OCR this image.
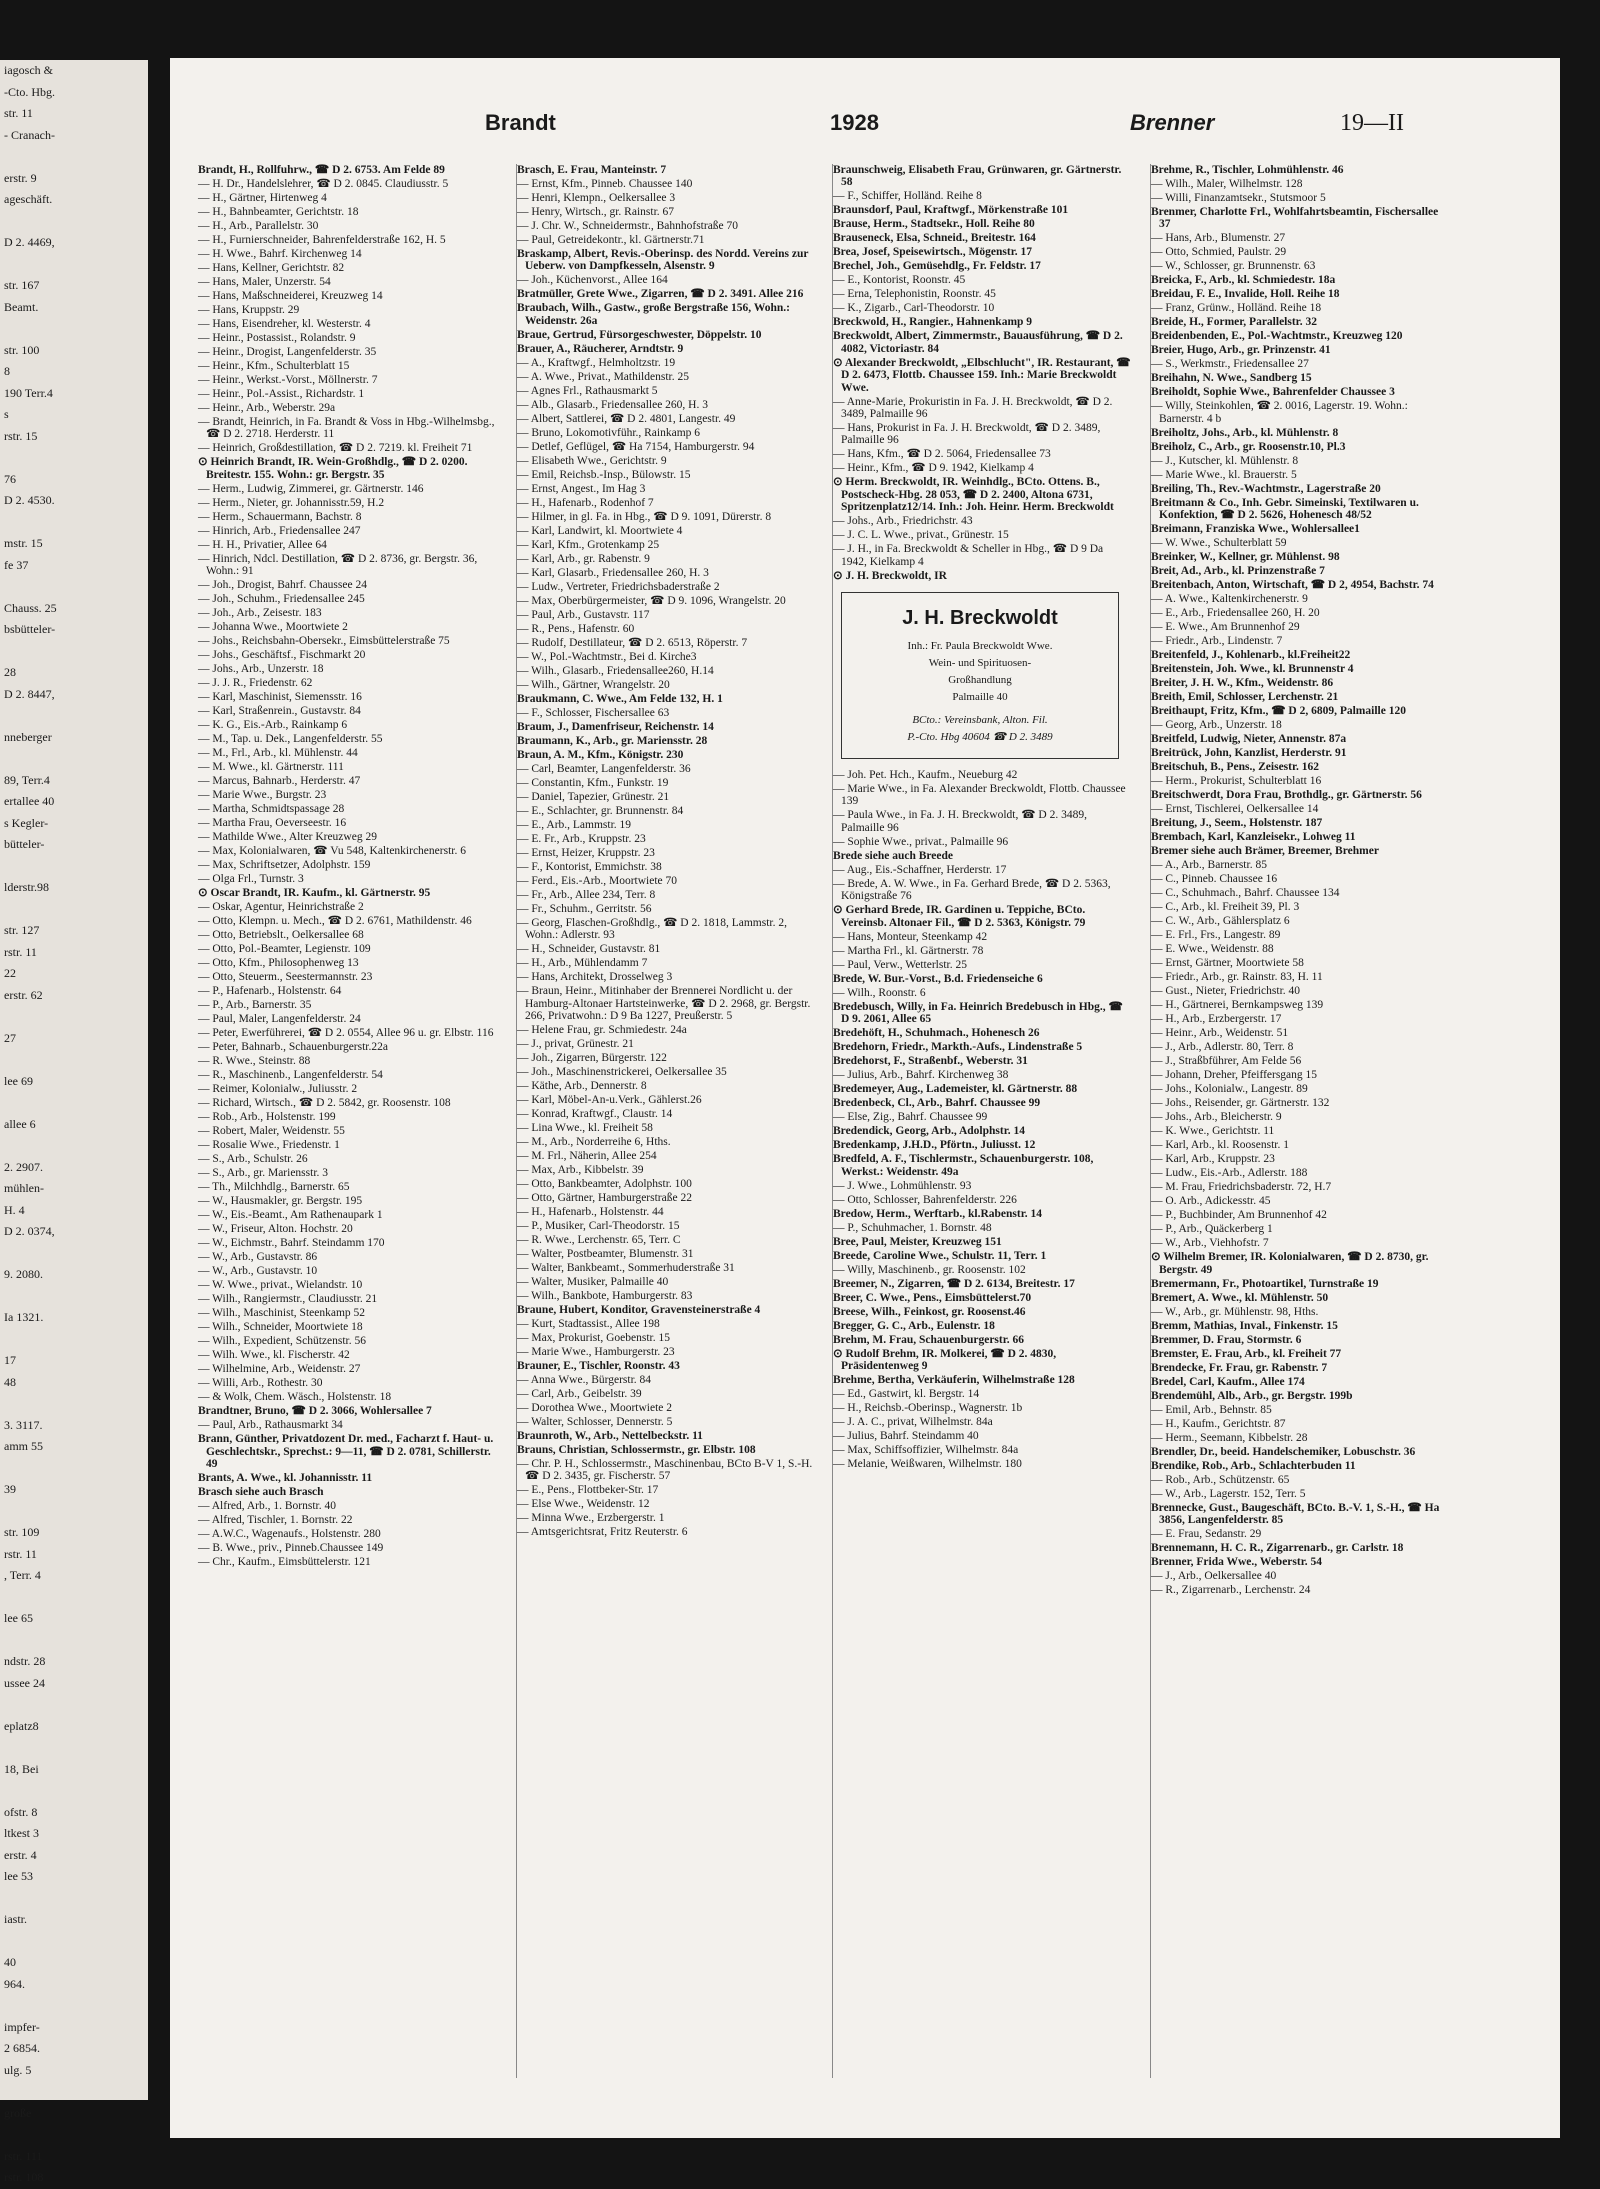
iagosch &
-Cto. Hbg.
str. 11
- Cranach-

erstr. 9
ageschäft.

D 2. 4469,

str. 167
Beamt.

str. 100
8
190 Terr.4
s
rstr. 15

76
D 2. 4530.

mstr. 15
fe 37

Chauss. 25
bsbütteler-

28
D 2. 8447,

nneberger

89, Terr.4
ertallee 40
s Kegler-
bütteler-

lderstr.98

str. 127
rstr. 11
22
erstr. 62

27

lee 69

allee 6

2. 2907.
mühlen-
H. 4
D 2. 0374,

9. 2080.

Ia 1321.

17
48

3. 3117.
amm 55

39

str. 109
rstr. 11
, Terr. 4

lee 65

ndstr. 28
ussee 24

eplatz8

18, Bei

ofstr. 8
ltkest 3
erstr. 4
lee 53

iastr.

40
964.

impfer-
2 6854.
ulg. 5

große

rstr. 111
rstr. 108
Brandt	1928	Brenner	19—II
Brandt, H., Rollfuhrw., ☎ D 2. 6753. Am Felde 89
— H. Dr., Handelslehrer, ☎ D 2. 0845. Claudiusstr. 5
— H., Gärtner, Hirtenweg 4
— H., Bahnbeamter, Gerichtstr. 18
— H., Arb., Parallelstr. 30
— H., Furnierschneider, Bahrenfelderstraße 162, H. 5
— H. Wwe., Bahrf. Kirchenweg 14
— Hans, Kellner, Gerichtstr. 82
— Hans, Maler, Unzerstr. 54
— Hans, Maßschneiderei, Kreuzweg 14
— Hans, Kruppstr. 29
— Hans, Eisendreher, kl. Westerstr. 4
— Heinr., Postassist., Rolandstr. 9
— Heinr., Drogist, Langenfelderstr. 35
— Heinr., Kfm., Schulterblatt 15
— Heinr., Werkst.-Vorst., Möllnerstr. 7
— Heinr., Pol.-Assist., Richardstr. 1
— Heinr., Arb., Weberstr. 29a
— Brandt, Heinrich, in Fa. Brandt & Voss in Hbg.-Wilhelmsbg., ☎ D 2. 2718. Herderstr. 11
— Heinrich, Großdestillation, ☎ D 2. 7219. kl. Freiheit 71
⊙ Heinrich Brandt, IR. Wein-Großhdlg., ☎ D 2. 0200. Breitestr. 155. Wohn.: gr. Bergstr. 35
— Herm., Ludwig, Zimmerei, gr. Gärtnerstr. 146
— Herm., Nieter, gr. Johannisstr.59, H.2
— Herm., Schauermann, Bachstr. 8
— Hinrich, Arb., Friedensallee 247
— H. H., Privatier, Allee 64
— Hinrich, Ndcl. Destillation, ☎ D 2. 8736, gr. Bergstr. 36, Wohn.: 91
— Joh., Drogist, Bahrf. Chaussee 24
— Joh., Schuhm., Friedensallee 245
— Joh., Arb., Zeisestr. 183
— Johanna Wwe., Moortwiete 2
— Johs., Reichsbahn-Obersekr., Eimsbüttelerstraße 75
— Johs., Geschäftsf., Fischmarkt 20
— Johs., Arb., Unzerstr. 18
— J. J. R., Friedenstr. 62
— Karl, Maschinist, Siemensstr. 16
— Karl, Straßenrein., Gustavstr. 84
— K. G., Eis.-Arb., Rainkamp 6
— M., Tap. u. Dek., Langenfelderstr. 55
— M., Frl., Arb., kl. Mühlenstr. 44
— M. Wwe., kl. Gärtnerstr. 111
— Marcus, Bahnarb., Herderstr. 47
— Marie Wwe., Burgstr. 23
— Martha, Schmidtspassage 28
— Martha Frau, Oeverseestr. 16
— Mathilde Wwe., Alter Kreuzweg 29
— Max, Kolonialwaren, ☎ Vu 548, Kaltenkirchenerstr. 6
— Max, Schriftsetzer, Adolphstr. 159
— Olga Frl., Turnstr. 3
⊙ Oscar Brandt, IR. Kaufm., kl. Gärtnerstr. 95
— Oskar, Agentur, Heinrichstraße 2
— Otto, Klempn. u. Mech., ☎ D 2. 6761, Mathildenstr. 46
— Otto, Betriebslt., Oelkersallee 68
— Otto, Pol.-Beamter, Legienstr. 109
— Otto, Kfm., Philosophenweg 13
— Otto, Steuerm., Seestermannstr. 23
— P., Hafenarb., Holstenstr. 64
— P., Arb., Barnerstr. 35
— Paul, Maler, Langenfelderstr. 24
— Peter, Ewerführerei, ☎ D 2. 0554, Allee 96 u. gr. Elbstr. 116
— Peter, Bahnarb., Schauenburgerstr.22a
— R. Wwe., Steinstr. 88
— R., Maschinenb., Langenfelderstr. 54
— Reimer, Kolonialw., Juliusstr. 2
— Richard, Wirtsch., ☎ D 2. 5842, gr. Roosenstr. 108
— Rob., Arb., Holstenstr. 199
— Robert, Maler, Weidenstr. 55
— Rosalie Wwe., Friedenstr. 1
— S., Arb., Schulstr. 26
— S., Arb., gr. Mariensstr. 3
— Th., Milchhdlg., Barnerstr. 65
— W., Hausmakler, gr. Bergstr. 195
— W., Eis.-Beamt., Am Rathenaupark 1
— W., Friseur, Alton. Hochstr. 20
— W., Eichmstr., Bahrf. Steindamm 170
— W., Arb., Gustavstr. 86
— W., Arb., Gustavstr. 10
— W. Wwe., privat., Wielandstr. 10
— Wilh., Rangiermstr., Claudiusstr. 21
— Wilh., Maschinist, Steenkamp 52
— Wilh., Schneider, Moortwiete 18
— Wilh., Expedient, Schützenstr. 56
— Wilh. Wwe., kl. Fischerstr. 42
— Wilhelmine, Arb., Weidenstr. 27
— Willi, Arb., Rothestr. 30
— & Wolk, Chem. Wäsch., Holstenstr. 18
Brandtner, Bruno, ☎ D 2. 3066, Wohlersallee 7
— Paul, Arb., Rathausmarkt 34
Brann, Günther, Privatdozent Dr. med., Facharzt f. Haut- u. Geschlechtskr., Sprechst.: 9—11, ☎ D 2. 0781, Schillerstr. 49
Brants, A. Wwe., kl. Johannisstr. 11
Brasch siehe auch Brasch
— Alfred, Arb., 1. Bornstr. 40
— Alfred, Tischler, 1. Bornstr. 22
— A.W.C., Wagenaufs., Holstenstr. 280
— B. Wwe., priv., Pinneb.Chaussee 149
— Chr., Kaufm., Eimsbüttelerstr. 121
Brasch, E. Frau, Manteinstr. 7
— Ernst, Kfm., Pinneb. Chaussee 140
— Henri, Klempn., Oelkersallee 3
— Henry, Wirtsch., gr. Rainstr. 67
— J. Chr. W., Schneidermstr., Bahnhofstraße 70
— Paul, Getreidekontr., kl. Gärtnerstr.71
Braskamp, Albert, Revis.-Oberinsp. des Nordd. Vereins zur Ueberw. von Dampfkesseln, Alsenstr. 9
— Joh., Küchenvorst., Allee 164
Bratmüller, Grete Wwe., Zigarren, ☎ D 2. 3491. Allee 216
Braubach, Wilh., Gastw., große Bergstraße 156, Wohn.: Weidenstr. 26a
Braue, Gertrud, Fürsorgeschwester, Döppelstr. 10
Brauer, A., Räucherer, Arndtstr. 9
— A., Kraftwgf., Helmholtzstr. 19
— A. Wwe., Privat., Mathildenstr. 25
— Agnes Frl., Rathausmarkt 5
— Alb., Glasarb., Friedensallee 260, H. 3
— Albert, Sattlerei, ☎ D 2. 4801, Langestr. 49
— Bruno, Lokomotivführ., Rainkamp 6
— Detlef, Geflügel, ☎ Ha 7154, Hamburgerstr. 94
— Elisabeth Wwe., Gerichtstr. 9
— Emil, Reichsb.-Insp., Bülowstr. 15
— Ernst, Angest., Im Hag 3
— H., Hafenarb., Rodenhof 7
— Hilmer, in gl. Fa. in Hbg., ☎ D 9. 1091, Dürerstr. 8
— Karl, Landwirt, kl. Moortwiete 4
— Karl, Kfm., Grotenkamp 25
— Karl, Arb., gr. Rabenstr. 9
— Karl, Glasarb., Friedensallee 260, H. 3
— Ludw., Vertreter, Friedrichsbaderstraße 2
— Max, Oberbürgermeister, ☎ D 9. 1096, Wrangelstr. 20
— Paul, Arb., Gustavstr. 117
— R., Pens., Hafenstr. 60
— Rudolf, Destillateur, ☎ D 2. 6513, Röperstr. 7
— W., Pol.-Wachtmstr., Bei d. Kirche3
— Wilh., Glasarb., Friedensallee260, H.14
— Wilh., Gärtner, Wrangelstr. 20
Braukmann, C. Wwe., Am Felde 132, H. 1
— F., Schlosser, Fischersallee 63
Braum, J., Damenfriseur, Reichenstr. 14
Braumann, K., Arb., gr. Mariensstr. 28
Braun, A. M., Kfm., Königstr. 230
— Carl, Beamter, Langenfelderstr. 36
— Constantin, Kfm., Funkstr. 19
— Daniel, Tapezier, Grünestr. 21
— E., Schlachter, gr. Brunnenstr. 84
— E., Arb., Lammstr. 19
— E. Fr., Arb., Kruppstr. 23
— Ernst, Heizer, Kruppstr. 23
— F., Kontorist, Emmichstr. 38
— Ferd., Eis.-Arb., Moortwiete 70
— Fr., Arb., Allee 234, Terr. 8
— Fr., Schuhm., Gerritstr. 56
— Georg, Flaschen-Großhdlg., ☎ D 2. 1818, Lammstr. 2, Wohn.: Adlerstr. 93
— H., Schneider, Gustavstr. 81
— H., Arb., Mühlendamm 7
— Hans, Architekt, Drosselweg 3
— Braun, Heinr., Mitinhaber der Brennerei Nordlicht u. der Hamburg-Altonaer Hartsteinwerke, ☎ D 2. 2968, gr. Bergstr. 266, Privatwohn.: D 9 Ba 1227, Preußerstr. 5
— Helene Frau, gr. Schmiedestr. 24a
— J., privat, Grünestr. 21
— Joh., Zigarren, Bürgerstr. 122
— Joh., Maschinenstrickerei, Oelkersallee 35
— Käthe, Arb., Dennerstr. 8
— Karl, Möbel-An-u.Verk., Gählerst.26
— Konrad, Kraftwgf., Claustr. 14
— Lina Wwe., kl. Freiheit 58
— M., Arb., Norderreihe 6, Hths.
— M. Frl., Näherin, Allee 254
— Max, Arb., Kibbelstr. 39
— Otto, Bankbeamter, Adolphstr. 100
— Otto, Gärtner, Hamburgerstraße 22
— H., Hafenarb., Holstenstr. 44
— P., Musiker, Carl-Theodorstr. 15
— R. Wwe., Lerchenstr. 65, Terr. C
— Walter, Postbeamter, Blumenstr. 31
— Walter, Bankbeamt., Sommerhuderstraße 31
— Walter, Musiker, Palmaille 40
— Wilh., Bankbote, Hamburgerstr. 83
Braune, Hubert, Konditor, Gravensteinerstraße 4
— Kurt, Stadtassist., Allee 198
— Max, Prokurist, Goebenstr. 15
— Marie Wwe., Hamburgerstr. 23
Brauner, E., Tischler, Roonstr. 43
— Anna Wwe., Bürgerstr. 84
— Carl, Arb., Geibelstr. 39
— Dorothea Wwe., Moortwiete 2
— Walter, Schlosser, Dennerstr. 5
Braunroth, W., Arb., Nettelbeckstr. 11
Brauns, Christian, Schlossermstr., gr. Elbstr. 108
— Chr. P. H., Schlossermstr., Maschinenbau, BCto B-V 1, S.-H. ☎ D 2. 3435, gr. Fischerstr. 57
— E., Pens., Flottbeker-Str. 17
— Else Wwe., Weidenstr. 12
— Minna Wwe., Erzbergerstr. 1
— Amtsgerichtsrat, Fritz Reuterstr. 6
Braunschweig, Elisabeth Frau, Grünwaren, gr. Gärtnerstr. 58
— F., Schiffer, Holländ. Reihe 8
Braunsdorf, Paul, Kraftwgf., Mörkenstraße 101
Brause, Herm., Stadtsekr., Holl. Reihe 80
Brauseneck, Elsa, Schneid., Breitestr. 164
Brea, Josef, Speisewirtsch., Mögenstr. 17
Brechel, Joh., Gemüsehdlg., Fr. Feldstr. 17
— E., Kontorist, Roonstr. 45
— Erna, Telephonistin, Roonstr. 45
— K., Zigarb., Carl-Theodorstr. 10
Breckwold, H., Rangier., Hahnenkamp 9
Breckwoldt, Albert, Zimmermstr., Bauausführung, ☎ D 2. 4082, Victoriastr. 84
⊙ Alexander Breckwoldt, „Elbschlucht", IR. Restaurant, ☎ D 2. 6473, Flottb. Chaussee 159. Inh.: Marie Breckwoldt Wwe.
— Anne-Marie, Prokuristin in Fa. J. H. Breckwoldt, ☎ D 2. 3489, Palmaille 96
— Hans, Prokurist in Fa. J. H. Breckwoldt, ☎ D 2. 3489, Palmaille 96
— Hans, Kfm., ☎ D 2. 5064, Friedensallee 73
— Heinr., Kfm., ☎ D 9. 1942, Kielkamp 4
⊙ Herm. Breckwoldt, IR. Weinhdlg., BCto. Ottens. B., Postscheck-Hbg. 28 053, ☎ D 2. 2400, Altona 6731, Spritzenplatz12/14. Inh.: Joh. Heinr. Herm. Breckwoldt
— Johs., Arb., Friedrichstr. 43
— J. C. L. Wwe., privat., Grünestr. 15
— J. H., in Fa. Breckwoldt & Scheller in Hbg., ☎ D 9 Da 1942, Kielkamp 4
⊙ J. H. Breckwoldt, IR
J. H. Breckwoldt
Inh.: Fr. Paula Breckwoldt Wwe.
Wein- und Spirituosen-
Großhandlung
Palmaille 40
BCto.: Vereinsbank, Alton. Fil.
P.-Cto. Hbg 40604 ☎ D 2. 3489
— Joh. Pet. Hch., Kaufm., Neueburg 42
— Marie Wwe., in Fa. Alexander Breckwoldt, Flottb. Chaussee 139
— Paula Wwe., in Fa. J. H. Breckwoldt, ☎ D 2. 3489, Palmaille 96
— Sophie Wwe., privat., Palmaille 96
Brede siehe auch Breede
— Aug., Eis.-Schaffner, Herderstr. 17
— Brede, A. W. Wwe., in Fa. Gerhard Brede, ☎ D 2. 5363, Königstraße 76
⊙ Gerhard Brede, IR. Gardinen u. Teppiche, BCto. Vereinsb. Altonaer Fil., ☎ D 2. 5363, Königstr. 79
— Hans, Monteur, Steenkamp 42
— Martha Frl., kl. Gärtnerstr. 78
— Paul, Verw., Wetterlstr. 25
Brede, W. Bur.-Vorst., B.d. Friedenseiche 6
— Wilh., Roonstr. 6
Bredebusch, Willy, in Fa. Heinrich Bredebusch in Hbg., ☎ D 9. 2061, Allee 65
Bredehöft, H., Schuhmach., Hohenesch 26
Bredehorn, Friedr., Markth.-Aufs., Lindenstraße 5
Bredehorst, F., Straßenbf., Weberstr. 31
— Julius, Arb., Bahrf. Kirchenweg 38
Bredemeyer, Aug., Lademeister, kl. Gärtnerstr. 88
Bredenbeck, Cl., Arb., Bahrf. Chaussee 99
— Else, Zig., Bahrf. Chaussee 99
Bredendick, Georg, Arb., Adolphstr. 14
Bredenkamp, J.H.D., Pförtn., Juliusst. 12
Bredfeld, A. F., Tischlermstr., Schauenburgerstr. 108, Werkst.: Weidenstr. 49a
— J. Wwe., Lohmühlenstr. 93
— Otto, Schlosser, Bahrenfelderstr. 226
Bredow, Herm., Werftarb., kl.Rabenstr. 14
— P., Schuhmacher, 1. Bornstr. 48
Bree, Paul, Meister, Kreuzweg 151
Breede, Caroline Wwe., Schulstr. 11, Terr. 1
— Willy, Maschinenb., gr. Roosenstr. 102
Breemer, N., Zigarren, ☎ D 2. 6134, Breitestr. 17
Breer, C. Wwe., Pens., Eimsbüttelerst.70
Breese, Wilh., Feinkost, gr. Roosenst.46
Bregger, G. C., Arb., Eulenstr. 18
Brehm, M. Frau, Schauenburgerstr. 66
⊙ Rudolf Brehm, IR. Molkerei, ☎ D 2. 4830, Präsidentenweg 9
Brehme, Bertha, Verkäuferin, Wilhelmstraße 128
— Ed., Gastwirt, kl. Bergstr. 14
— H., Reichsb.-Oberinsp., Wagnerstr. 1b
— J. A. C., privat, Wilhelmstr. 84a
— Julius, Bahrf. Steindamm 40
— Max, Schiffsoffizier, Wilhelmstr. 84a
— Melanie, Weißwaren, Wilhelmstr. 180
Brehme, R., Tischler, Lohmühlenstr. 46
— Wilh., Maler, Wilhelmstr. 128
— Willi, Finanzamtsekr., Stutsmoor 5
Brenmer, Charlotte Frl., Wohlfahrtsbeamtin, Fischersallee 37
— Hans, Arb., Blumenstr. 27
— Otto, Schmied, Paulstr. 29
— W., Schlosser, gr. Brunnenstr. 63
Breicka, F., Arb., kl. Schmiedestr. 18a
Breidau, F. E., Invalide, Holl. Reihe 18
— Franz, Grünw., Holländ. Reihe 18
Breide, H., Former, Parallelstr. 32
Breidenbenden, E., Pol.-Wachtmstr., Kreuzweg 120
Breier, Hugo, Arb., gr. Prinzenstr. 41
— S., Werkmstr., Friedensallee 27
Breihahn, N. Wwe., Sandberg 15
Breiholdt, Sophie Wwe., Bahrenfelder Chaussee 3
— Willy, Steinkohlen, ☎ 2. 0016, Lagerstr. 19. Wohn.: Barnerstr. 4 b
Breiholtz, Johs., Arb., kl. Mühlenstr. 8
Breiholz, C., Arb., gr. Roosenstr.10, Pl.3
— J., Kutscher, kl. Mühlenstr. 8
— Marie Wwe., kl. Brauerstr. 5
Breiling, Th., Rev.-Wachtmstr., Lagerstraße 20
Breitmann & Co., Inh. Gebr. Simeinski, Textilwaren u. Konfektion, ☎ D 2. 5626, Hohenesch 48/52
Breimann, Franziska Wwe., Wohlersallee1
— W. Wwe., Schulterblatt 59
Breinker, W., Kellner, gr. Mühlenst. 98
Breit, Ad., Arb., kl. Prinzenstraße 7
Breitenbach, Anton, Wirtschaft, ☎ D 2, 4954, Bachstr. 74
— A. Wwe., Kaltenkirchenerstr. 9
— E., Arb., Friedensallee 260, H. 20
— E. Wwe., Am Brunnenhof 29
— Friedr., Arb., Lindenstr. 7
Breitenfeld, J., Kohlenarb., kl.Freiheit22
Breitenstein, Joh. Wwe., kl. Brunnenstr 4
Breiter, J. H. W., Kfm., Weidenstr. 86
Breith, Emil, Schlosser, Lerchenstr. 21
Breithaupt, Fritz, Kfm., ☎ D 2, 6809, Palmaille 120
— Georg, Arb., Unzerstr. 18
Breitfeld, Ludwig, Nieter, Annenstr. 87a
Breitrück, John, Kanzlist, Herderstr. 91
Breitschuh, B., Pens., Zeisestr. 162
— Herm., Prokurist, Schulterblatt 16
Breitschwerdt, Dora Frau, Brothdlg., gr. Gärtnerstr. 56
— Ernst, Tischlerei, Oelkersallee 14
Breitung, J., Seem., Holstenstr. 187
Brembach, Karl, Kanzleisekr., Lohweg 11
Bremer siehe auch Brämer, Breemer, Brehmer
— A., Arb., Barnerstr. 85
— C., Pinneb. Chaussee 16
— C., Schuhmach., Bahrf. Chaussee 134
— C., Arb., kl. Freiheit 39, Pl. 3
— C. W., Arb., Gählersplatz 6
— E. Frl., Frs., Langestr. 89
— E. Wwe., Weidenstr. 88
— Ernst, Gärtner, Moortwiete 58
— Friedr., Arb., gr. Rainstr. 83, H. 11
— Gust., Nieter, Friedrichstr. 40
— H., Gärtnerei, Bernkampsweg 139
— H., Arb., Erzbergerstr. 17
— Heinr., Arb., Weidenstr. 51
— J., Arb., Adlerstr. 80, Terr. 8
— J., Straßbführer, Am Felde 56
— Johann, Dreher, Pfeiffersgang 15
— Johs., Kolonialw., Langestr. 89
— Johs., Reisender, gr. Gärtnerstr. 132
— Johs., Arb., Bleicherstr. 9
— K. Wwe., Gerichtstr. 11
— Karl, Arb., kl. Roosenstr. 1
— Karl, Arb., Kruppstr. 23
— Ludw., Eis.-Arb., Adlerstr. 188
— M. Frau, Friedrichsbaderstr. 72, H.7
— O. Arb., Adickesstr. 45
— P., Buchbinder, Am Brunnenhof 42
— P., Arb., Quäckerberg 1
— W., Arb., Viehhofstr. 7
⊙ Wilhelm Bremer, IR. Kolonialwaren, ☎ D 2. 8730, gr. Bergstr. 49
Bremermann, Fr., Photoartikel, Turnstraße 19
Bremert, A. Wwe., kl. Mühlenstr. 50
— W., Arb., gr. Mühlenstr. 98, Hths.
Bremm, Mathias, Inval., Finkenstr. 15
Bremmer, D. Frau, Stormstr. 6
Bremster, E. Frau, Arb., kl. Freiheit 77
Brendecke, Fr. Frau, gr. Rabenstr. 7
Bredel, Carl, Kaufm., Allee 174
Brendemühl, Alb., Arb., gr. Bergstr. 199b
— Emil, Arb., Behnstr. 85
— H., Kaufm., Gerichtstr. 87
— Herm., Seemann, Kibbelstr. 28
Brendler, Dr., beeid. Handelschemiker, Lobuschstr. 36
Brendike, Rob., Arb., Schlachterbuden 11
— Rob., Arb., Schützenstr. 65
— W., Arb., Lagerstr. 152, Terr. 5
Brennecke, Gust., Baugeschäft, BCto. B.-V. 1, S.-H., ☎ Ha 3856, Langenfelderstr. 85
— E. Frau, Sedanstr. 29
Brennemann, H. C. R., Zigarrenarb., gr. Carlstr. 18
Brenner, Frida Wwe., Weberstr. 54
— J., Arb., Oelkersallee 40
— R., Zigarrenarb., Lerchenstr. 24
